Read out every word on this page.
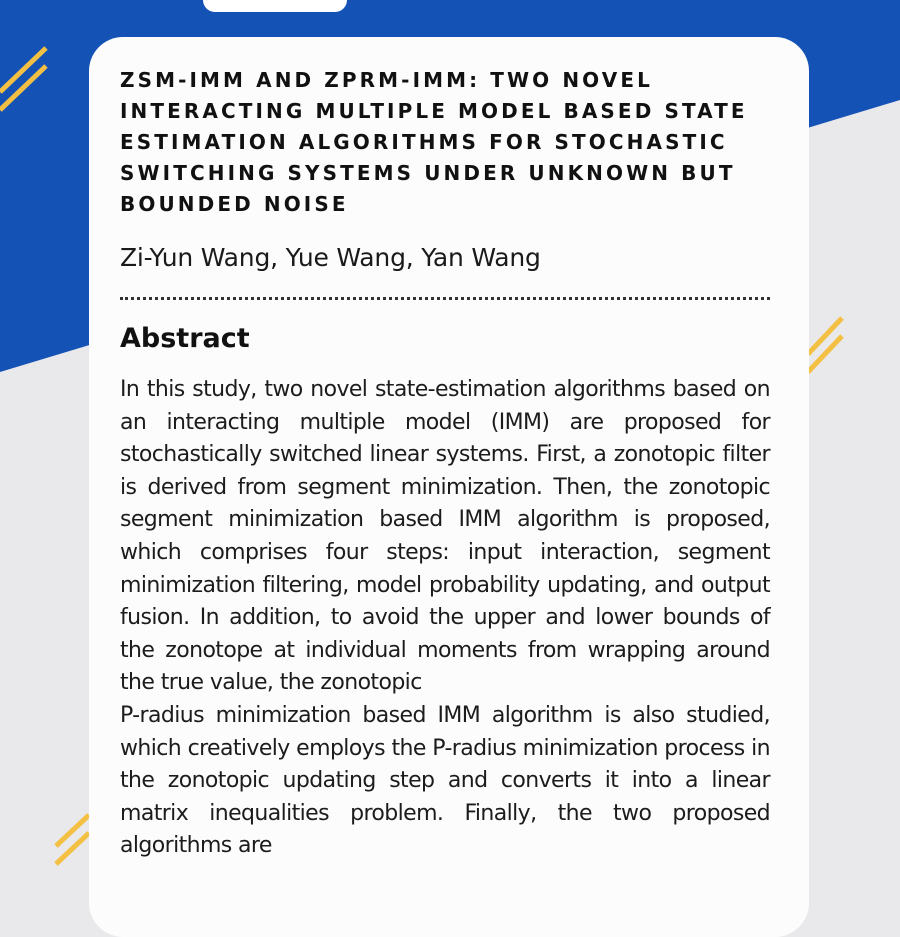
ZSM-IMM AND ZPRM-IMM: TWO NOVEL INTERACTING MULTIPLE MODEL BASED STATE ESTIMATION ALGORITHMS FOR STOCHASTIC SWITCHING SYSTEMS UNDER UNKNOWN BUT BOUNDED NOISE
Zi-Yun Wang, Yue Wang, Yan Wang
Abstract

In this study, two novel state-estimation algorithms based on an interacting multiple model (IMM) are proposed for stochastically switched linear systems. First, a zonotopic filter is derived from segment minimization. Then, the zonotopic segment minimization based IMM algorithm is proposed, which comprises four steps: input interaction, segment minimization filtering, model probability updating, and output fusion. In addition, to avoid the upper and lower bounds of the zonotope at individual moments from wrapping around the true value, the zonotopic

P-radius minimization based IMM algorithm is also studied, which creatively employs the P-radius minimization process in the zonotopic updating step and converts it into a linear matrix inequalities problem. Finally, the two proposed algorithms are
